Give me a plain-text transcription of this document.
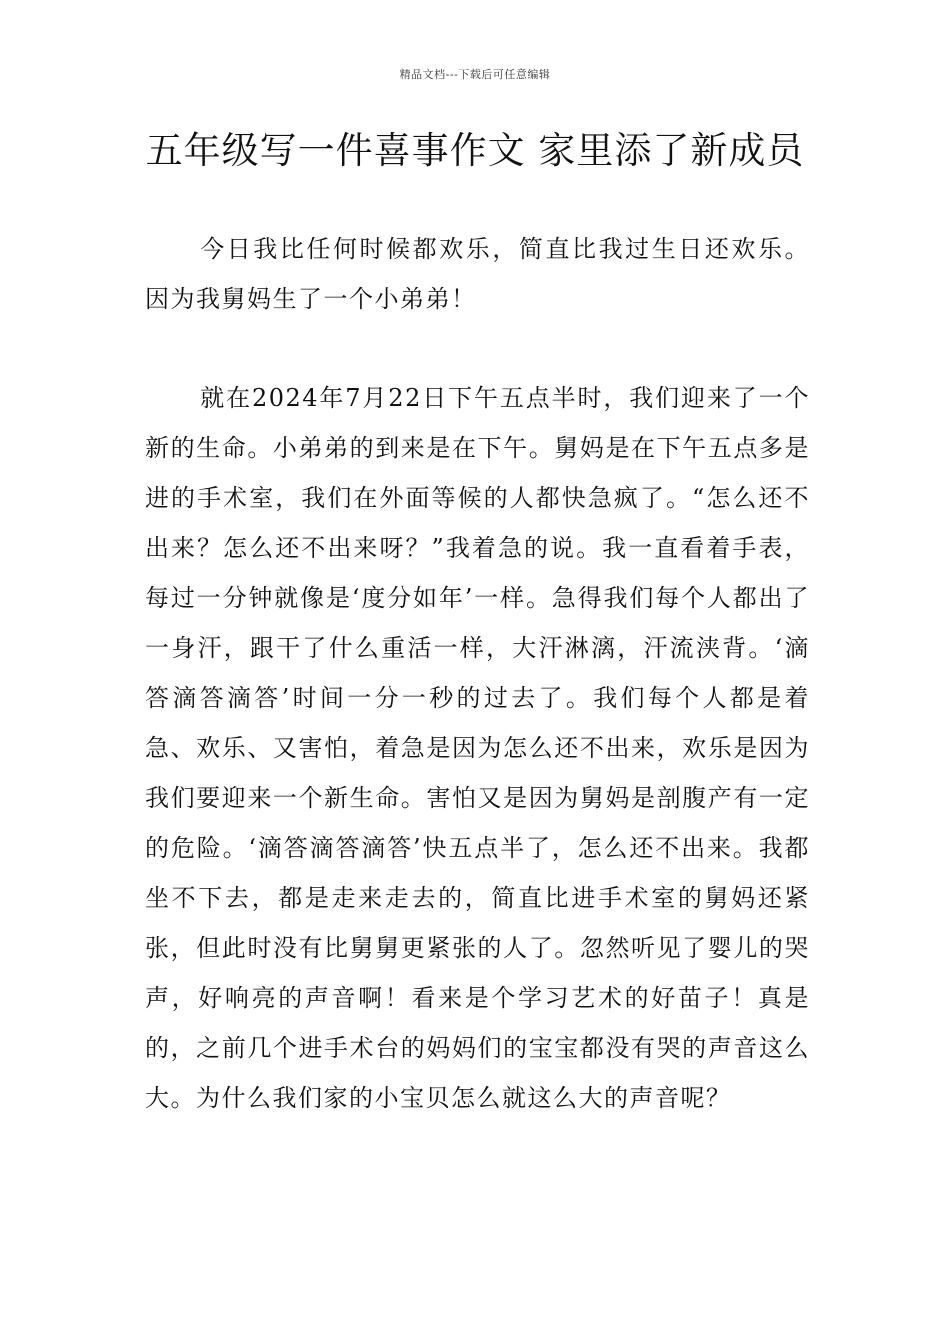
精品文档---下载后可任意编辑
五年级写一件喜事作文 家里添了新成员

今日我比任何时候都欢乐，简直比我过生日还欢乐。因为我舅妈生了一个小弟弟！

就在2024年7月22日下午五点半时，我们迎来了一个新的生命。小弟弟的到来是在下午。舅妈是在下午五点多是进的手术室，我们在外面等候的人都快急疯了。“怎么还不出来？怎么还不出来呀？”我着急的说。我一直看着手表，每过一分钟就像是‘度分如年’一样。急得我们每个人都出了一身汗，跟干了什么重活一样，大汗淋漓，汗流浃背。‘滴答滴答滴答’时间一分一秒的过去了。我们每个人都是着急、欢乐、又害怕，着急是因为怎么还不出来，欢乐是因为我们要迎来一个新生命。害怕又是因为舅妈是剖腹产有一定的危险。‘滴答滴答滴答’快五点半了，怎么还不出来。我都坐不下去，都是走来走去的，简直比进手术室的舅妈还紧张，但此时没有比舅舅更紧张的人了。忽然听见了婴儿的哭声，好响亮的声音啊！看来是个学习艺术的好苗子！真是的，之前几个进手术台的妈妈们的宝宝都没有哭的声音这么大。为什么我们家的小宝贝怎么就这么大的声音呢？
